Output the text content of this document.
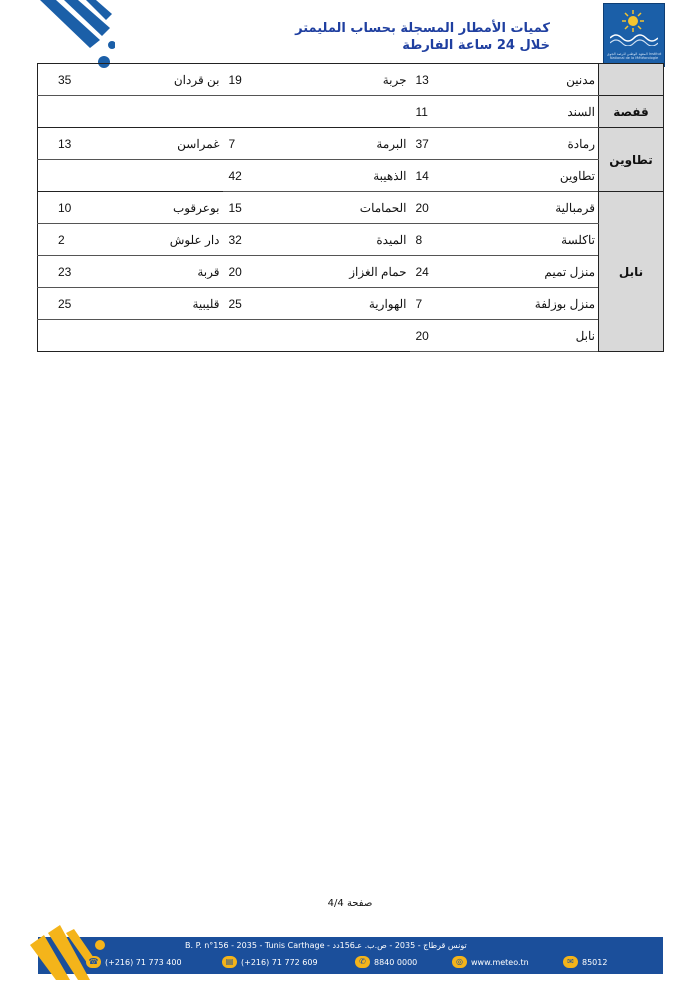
المعهد الوطني للرصد الجوي Institut National de la Météorologie
كميات الأمطار المسجلة بحساب المليمتر
خلال 24 ساعة الفارطة
35	بن قردان	19	جربة	13	مدنين	

				11	السند	قفصة

13	غمراسن	7	البرمة	37	رمادة	تطاوين

		42	الذهيبة	14	تطاوين	

10	بوعرقوب	15	الحمامات	20	قرمبالية	نابل

2	دار علوش	32	الميدة	8	تاكلسة	

23	قربة	20	حمام الغزاز	24	منزل تميم	

25	قليبية	25	الهوارية	7	منزل بوزلفة	

				20	نابل	
صفحة 4/4
B. P. n°156 - 2035 - Tunis Carthage - تونس قرطاج - 2035 - ص.ب. عـ156دد
☎ (+216) 71 773 400	▤ (+216) 71 772 609	✆	8840 0000	◎	www.meteo.tn	✉	85012
